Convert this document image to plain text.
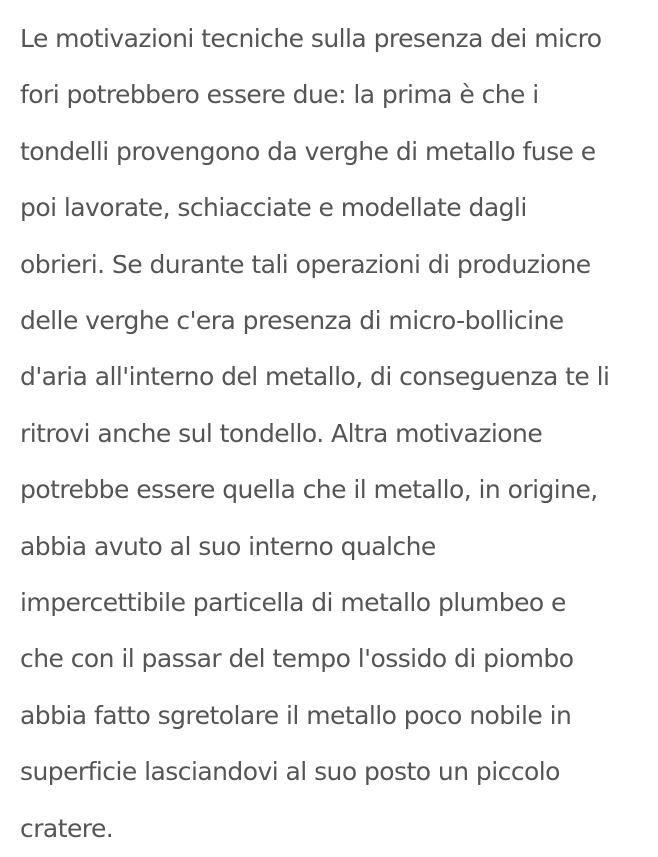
Le motivazioni tecniche sulla presenza dei micro
fori potrebbero essere due: la prima è che i
tondelli provengono da verghe di metallo fuse e
poi lavorate, schiacciate e modellate dagli
obrieri. Se durante tali operazioni di produzione
delle verghe c'era presenza di micro-bollicine
d'aria all'interno del metallo, di conseguenza te li
ritrovi anche sul tondello. Altra motivazione
potrebbe essere quella che il metallo, in origine,
abbia avuto al suo interno qualche
impercettibile particella di metallo plumbeo e
che con il passar del tempo l'ossido di piombo
abbia fatto sgretolare il metallo poco nobile in
superficie lasciandovi al suo posto un piccolo
cratere.
